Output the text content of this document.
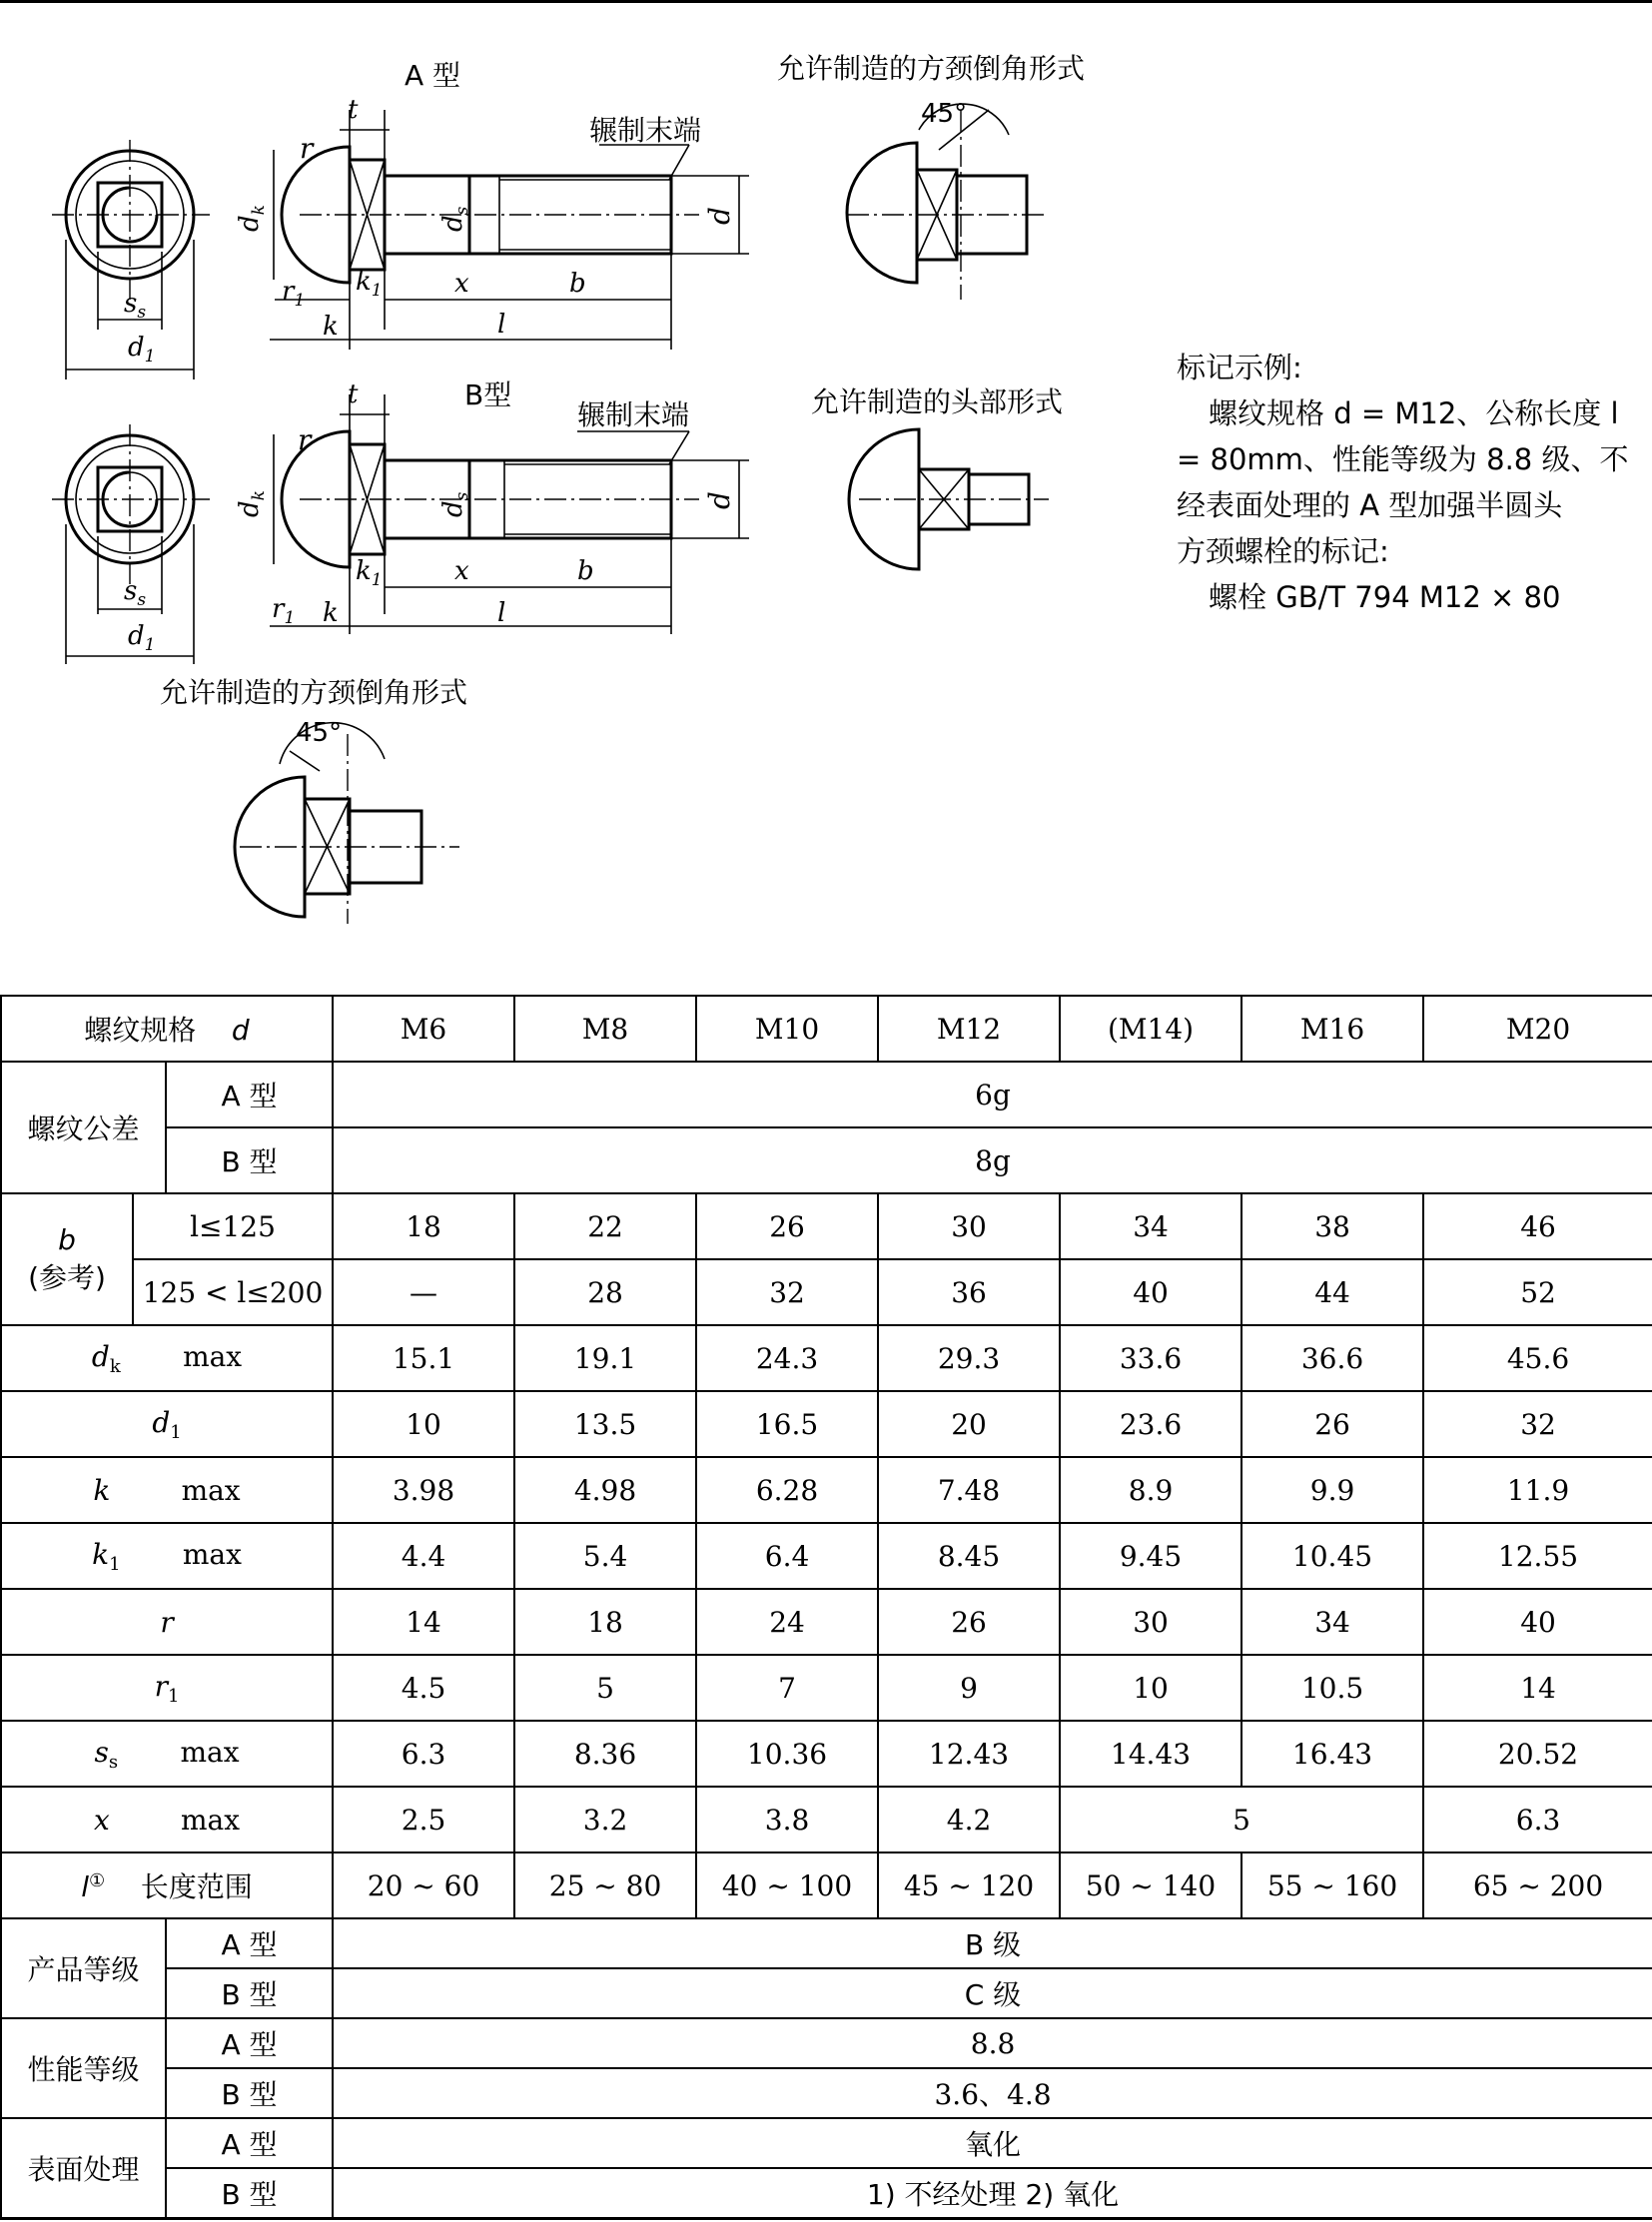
$s_s$
$d_1$
A 型
辗制末端
t
r
$d_k$
$d_s$	d
$r_1$
$k_1$	x	b
k	l
允许制造的方颈倒角形式
45°
$s_s$
$d_1$
B型
辗制末端
t
r
$d_k$
$d_s$	d
$k_1$
$r_1$
x	b
k	l
允许制造的头部形式
允许制造的方颈倒角形式
45°

标记示例:

螺纹规格 d = M12、公称长度 l

= 80mm、性能等级为 8.8 级、不

经表面处理的 A 型加强半圆头

方颈螺栓的标记:

螺栓 GB/T 794 M12 × 80

螺纹规格 d			M6	M8	M10	M12	(M14)	M16	M20
螺纹公差		A 型	6g						
		B 型	8g						
b
(参考)	l≤125		18	22	26	30	34	38	46
	125 < l≤200		—	28	32	36	40	44	52
$d_k$ max			15.1	19.1	24.3	29.3	33.6	36.6	45.6
$d_1$			10	13.5	16.5	20	23.6	26	32
k max			3.98	4.98	6.28	7.48	8.9	9.9	11.9
$k_1$ max			4.4	5.4	6.4	8.45	9.45	10.45	12.55
r			14	18	24	26	30	34	40
$r_1$			4.5	5	7	9	10	10.5	14
$s_s$ max			6.3	8.36	10.36	12.43	14.43	16.43	20.52
x max			2.5	3.2	3.8	4.2	5		6.3
l① 长度范围			20 ~ 60	25 ~ 80	40 ~ 100	45 ~ 120	50 ~ 140	55 ~ 160	65 ~ 200
产品等级		A 型	B 级						
		B 型	C 级						
性能等级		A 型	8.8						
		B 型	3.6、4.8						
表面处理		A 型	氧化						
		B 型	1) 不经处理 2) 氧化						
